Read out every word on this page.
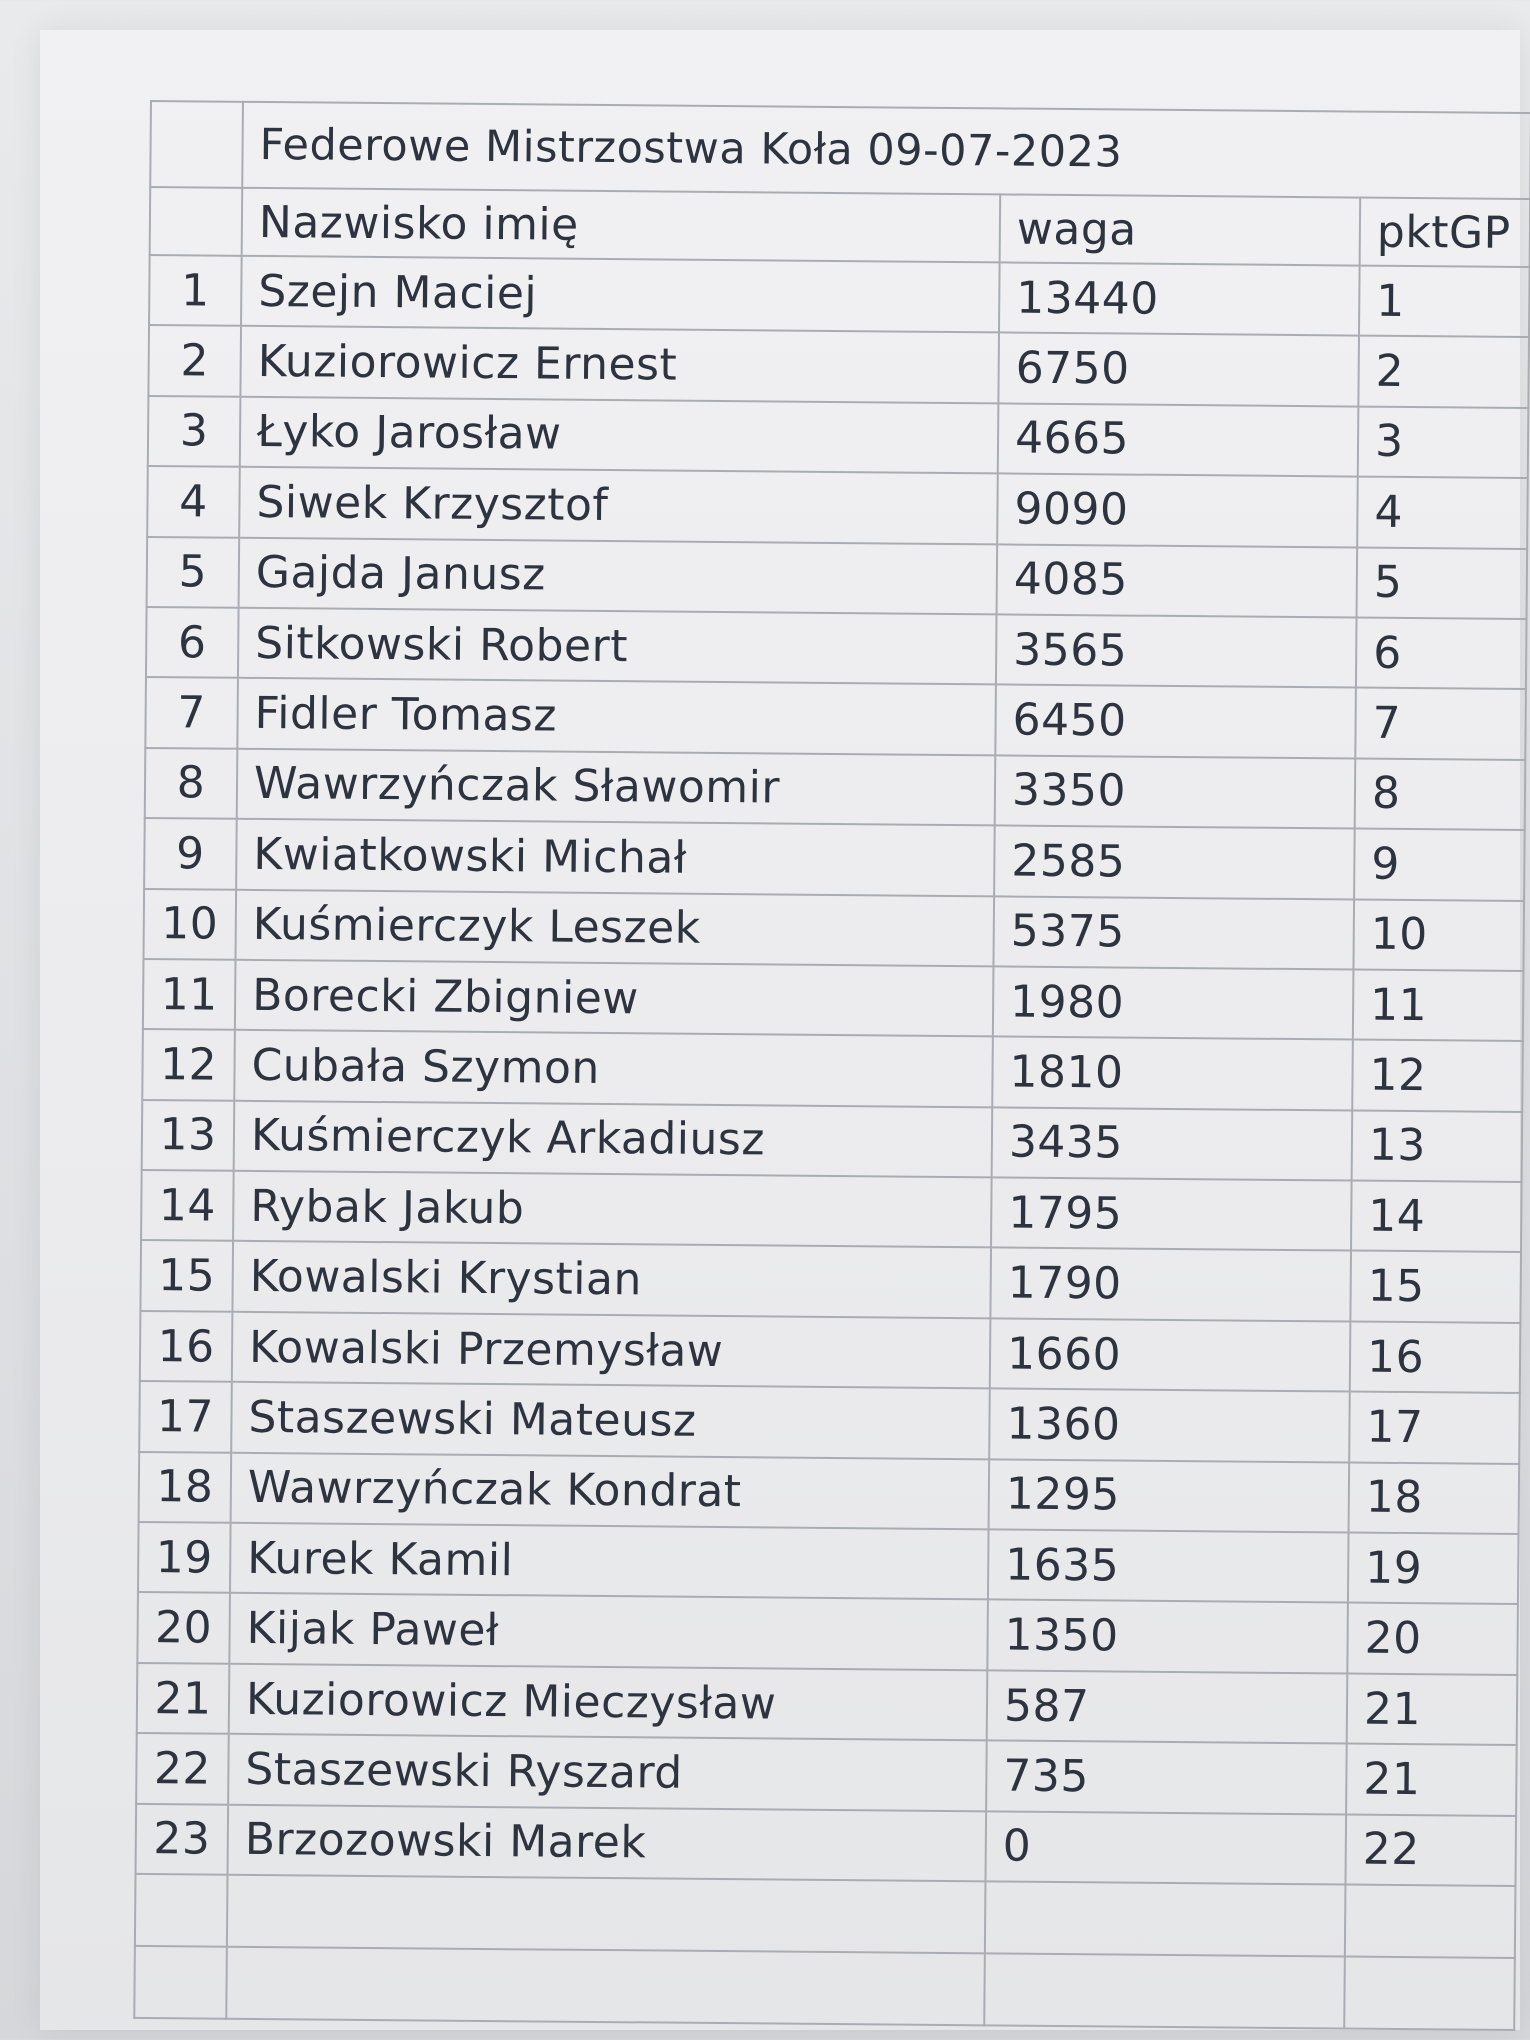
	Federowe Mistrzostwa Koła 09-07-2023		
	Nazwisko imię	waga	pktGP
1	Szejn Maciej	13440	1
2	Kuziorowicz Ernest	6750	2
3	Łyko Jarosław	4665	3
4	Siwek Krzysztof	9090	4
5	Gajda Janusz	4085	5
6	Sitkowski Robert	3565	6
7	Fidler Tomasz	6450	7
8	Wawrzyńczak Sławomir	3350	8
9	Kwiatkowski Michał	2585	9
10	Kuśmierczyk Leszek	5375	10
11	Borecki Zbigniew	1980	11
12	Cubała Szymon	1810	12
13	Kuśmierczyk Arkadiusz	3435	13
14	Rybak Jakub	1795	14
15	Kowalski Krystian	1790	15
16	Kowalski Przemysław	1660	16
17	Staszewski Mateusz	1360	17
18	Wawrzyńczak Kondrat	1295	18
19	Kurek Kamil	1635	19
20	Kijak Paweł	1350	20
21	Kuziorowicz Mieczysław	587	21
22	Staszewski Ryszard	735	21
23	Brzozowski Marek	0	22
